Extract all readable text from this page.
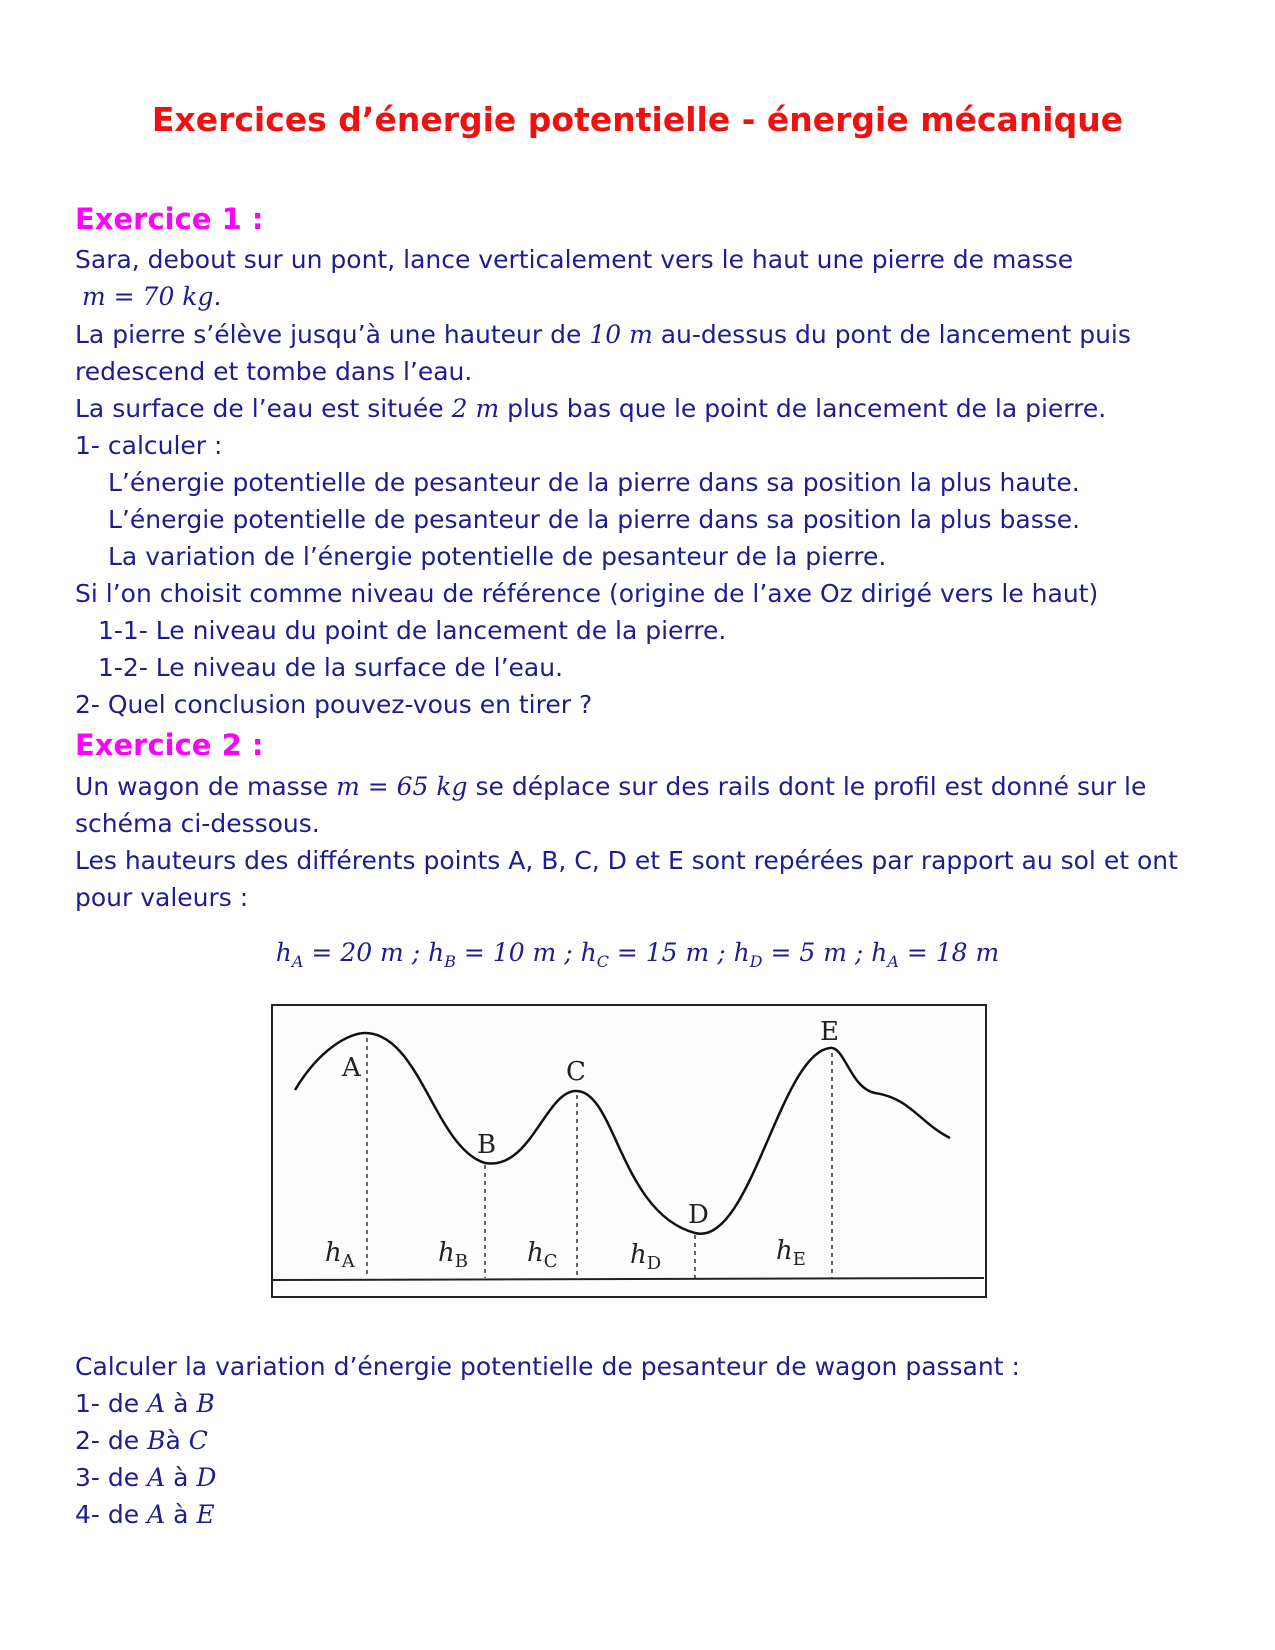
Exercices d’énergie potentielle - énergie mécanique
Exercice 1 :
Sara, debout sur un pont, lance verticalement vers le haut une pierre de masse
m = 70 kg.
La pierre s’élève jusqu’à une hauteur de 10 m au-dessus du pont de lancement puis
redescend et tombe dans l’eau.
La surface de l’eau est située 2 m plus bas que le point de lancement de la pierre.
1- calculer :
L’énergie potentielle de pesanteur de la pierre dans sa position la plus haute.
L’énergie potentielle de pesanteur de la pierre dans sa position la plus basse.
La variation de l’énergie potentielle de pesanteur de la pierre.
Si l’on choisit comme niveau de référence (origine de l’axe Oz dirigé vers le haut)
1-1- Le niveau du point de lancement de la pierre.
1-2- Le niveau de la surface de l’eau.
2- Quel conclusion pouvez-vous en tirer ?
Exercice 2 :
Un wagon de masse m = 65 kg se déplace sur des rails dont le profil est donné sur le
schéma ci-dessous.
Les hauteurs des différents points A, B, C, D et E sont repérées par rapport au sol et ont
pour valeurs :
$h_A = 20$ m ; $h_B = 10$ m ; $h_C = 15$ m ; $h_D = 5$ m ; $h_A = 18$ m
A
B
C
D
E
$h_A$	$h_B$ $h_C$	$h_D$	$h_E$
Calculer la variation d’énergie potentielle de pesanteur de wagon passant :
1- de A à B
2- de Bà C
3- de A à D
4- de A à E
